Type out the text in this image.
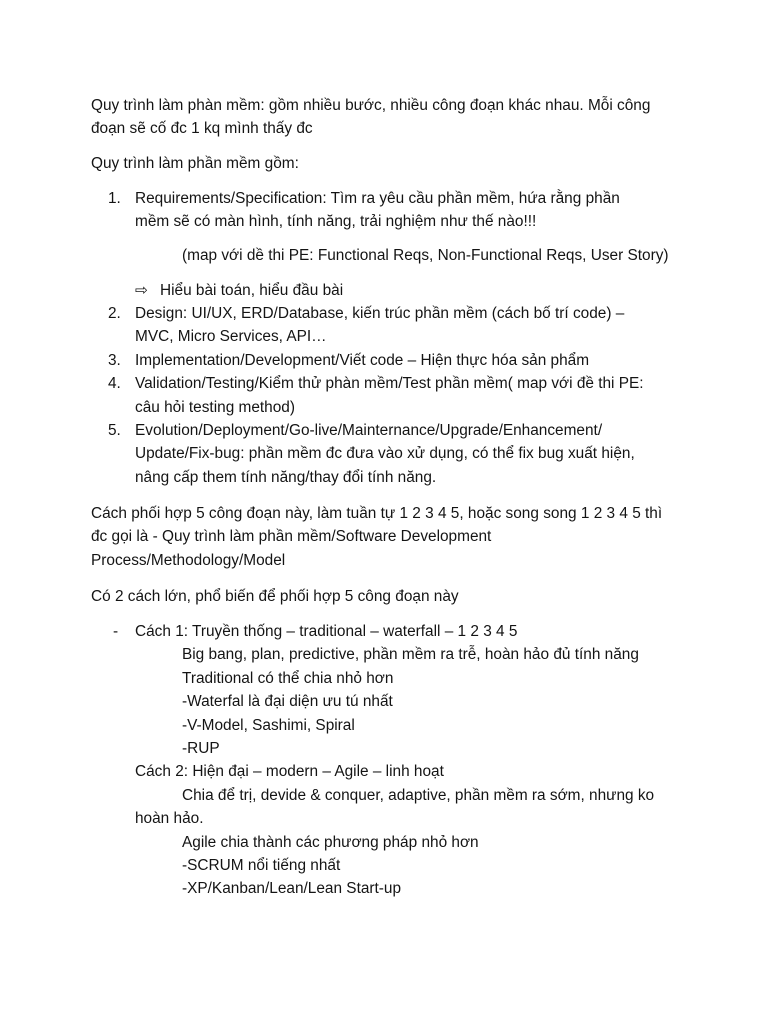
Quy trình làm phàn mềm: gồm nhiều bước, nhiều công đoạn khác nhau. Mỗi công
đoạn sẽ cố đc 1 kq mình thấy đc
Quy trình làm phần mềm gồm:
1. Requirements/Specification: Tìm ra yêu cầu phần mềm, hứa rằng phần
mềm sẽ có màn hình, tính năng, trải nghiệm như thế nào!!!
(map với dề thi PE: Functional Reqs, Non-Functional Reqs, User Story)
⇨ Hiểu bài toán, hiểu đầu bài
2. Design: UI/UX, ERD/Database, kiến trúc phần mềm (cách bố trí code) –
MVC, Micro Services, API…
3. Implementation/Development/Viết code – Hiện thực hóa sản phẩm
4. Validation/Testing/Kiểm thử phàn mềm/Test phần mềm( map với đề thi PE:
câu hỏi testing method)
5. Evolution/Deployment/Go-live/Mainternance/Upgrade/Enhancement/
Update/Fix-bug: phần mềm đc đưa vào xử dụng, có thể fix bug xuất hiện,
nâng cấp them tính năng/thay đổi tính năng.
Cách phối hợp 5 công đoạn này, làm tuần tự 1 2 3 4 5, hoặc song song 1 2 3 4 5 thì
đc gọi là - Quy trình làm phần mềm/Software Development
Process/Methodology/Model
Có 2 cách lớn, phổ biến để phối hợp 5 công đoạn này
- Cách 1: Truyền thống – traditional – waterfall – 1 2 3 4 5
Big bang, plan, predictive, phần mềm ra trễ, hoàn hảo đủ tính năng
Traditional có thể chia nhỏ hơn
-Waterfal là đại diện ưu tú nhất
-V-Model, Sashimi, Spiral
-RUP
Cách 2: Hiện đại – modern – Agile – linh hoạt
Chia để trị, devide & conquer, adaptive, phần mềm ra sớm, nhưng ko
hoàn hảo.
Agile chia thành các phương pháp nhỏ hơn
-SCRUM nổi tiếng nhất
-XP/Kanban/Lean/Lean Start-up
